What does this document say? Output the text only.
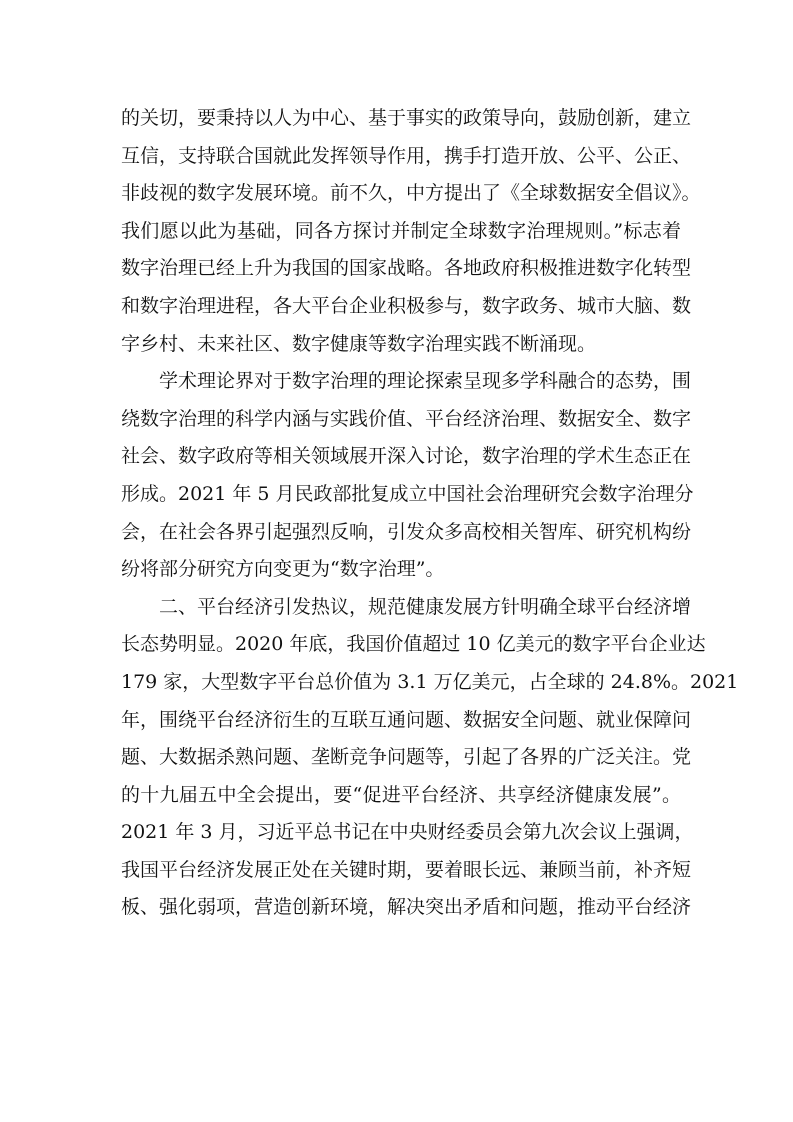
的关切，要秉持以人为中心、基于事实的政策导向，鼓励创新，建立
互信，支持联合国就此发挥领导作用，携手打造开放、公平、公正、
非歧视的数字发展环境。前不久，中方提出了《全球数据安全倡议》。
我们愿以此为基础，同各方探讨并制定全球数字治理规则。”标志着
数字治理已经上升为我国的国家战略。各地政府积极推进数字化转型
和数字治理进程，各大平台企业积极参与，数字政务、城市大脑、数
字乡村、未来社区、数字健康等数字治理实践不断涌现。
学术理论界对于数字治理的理论探索呈现多学科融合的态势，围
绕数字治理的科学内涵与实践价值、平台经济治理、数据安全、数字
社会、数字政府等相关领域展开深入讨论，数字治理的学术生态正在
形成。2021 年 5 月民政部批复成立中国社会治理研究会数字治理分
会，在社会各界引起强烈反响，引发众多高校相关智库、研究机构纷
纷将部分研究方向变更为“数字治理”。
二、平台经济引发热议，规范健康发展方针明确全球平台经济增
长态势明显。2020 年底，我国价值超过 10 亿美元的数字平台企业达
179 家，大型数字平台总价值为 3.1 万亿美元，占全球的 24.8%。2021
年，围绕平台经济衍生的互联互通问题、数据安全问题、就业保障问
题、大数据杀熟问题、垄断竞争问题等，引起了各界的广泛关注。党
的十九届五中全会提出，要“促进平台经济、共享经济健康发展”。
2021 年 3 月，习近平总书记在中央财经委员会第九次会议上强调，
我国平台经济发展正处在关键时期，要着眼长远、兼顾当前，补齐短
板、强化弱项，营造创新环境，解决突出矛盾和问题，推动平台经济
